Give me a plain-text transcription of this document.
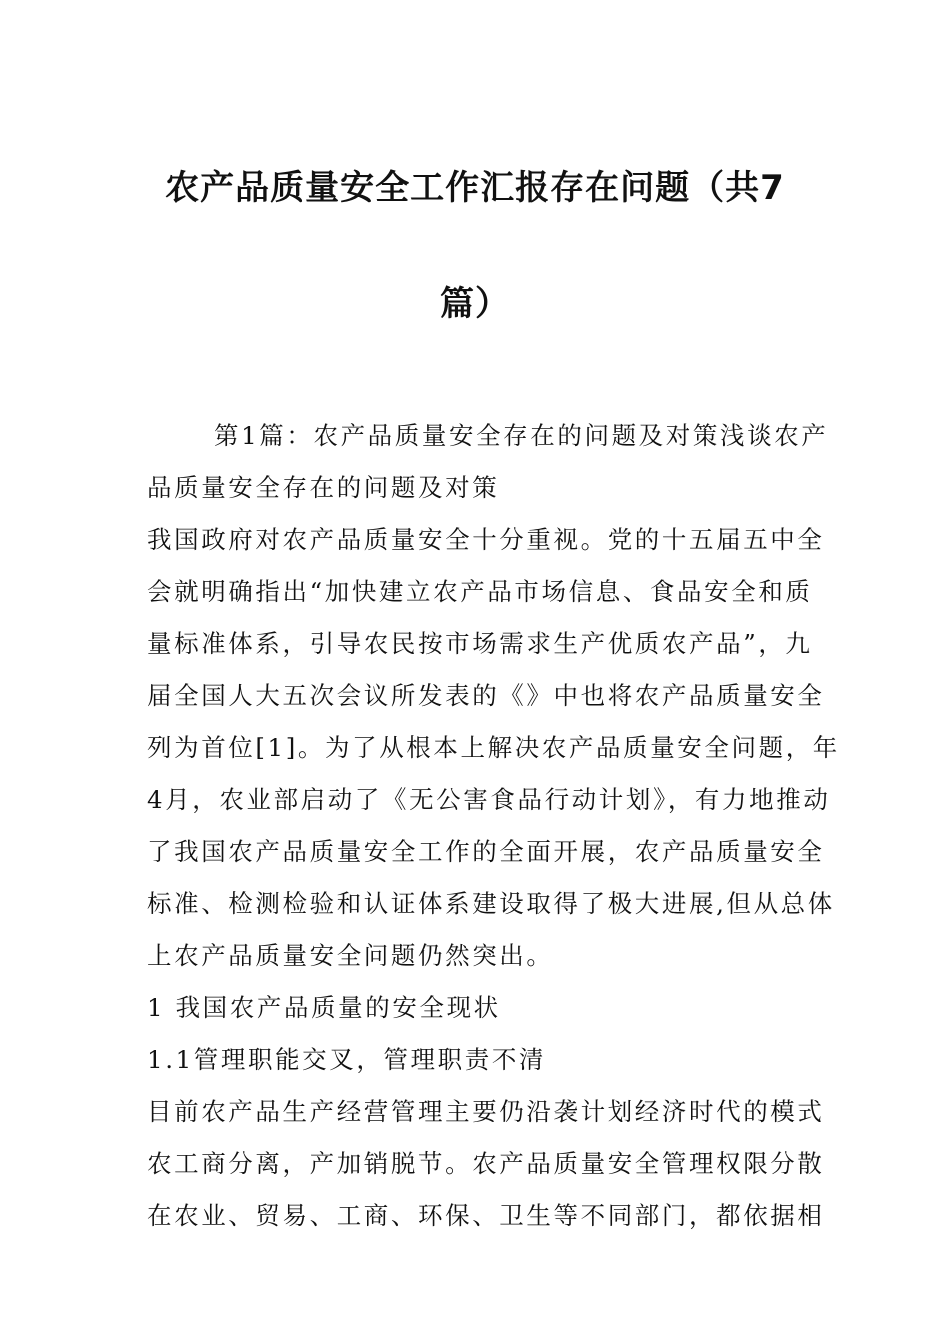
农产品质量安全工作汇报存在问题（共7
篇）
第1篇：农产品质量安全存在的问题及对策浅谈农产
品质量安全存在的问题及对策
我国政府对农产品质量安全十分重视。党的十五届五中全
会就明确指出“加快建立农产品市场信息、食品安全和质
量标准体系，引导农民按市场需求生产优质农产品”，九
届全国人大五次会议所发表的《》中也将农产品质量安全
列为首位[1]。为了从根本上解决农产品质量安全问题，年
4月，农业部启动了《无公害食品行动计划》，有力地推动
了我国农产品质量安全工作的全面开展，农产品质量安全
标准、检测检验和认证体系建设取得了极大进展,但从总体
上农产品质量安全问题仍然突出。
1 我国农产品质量的安全现状
1.1管理职能交叉，管理职责不清
目前农产品生产经营管理主要仍沿袭计划经济时代的模式
农工商分离，产加销脱节。农产品质量安全管理权限分散
在农业、贸易、工商、环保、卫生等不同部门，都依据相
